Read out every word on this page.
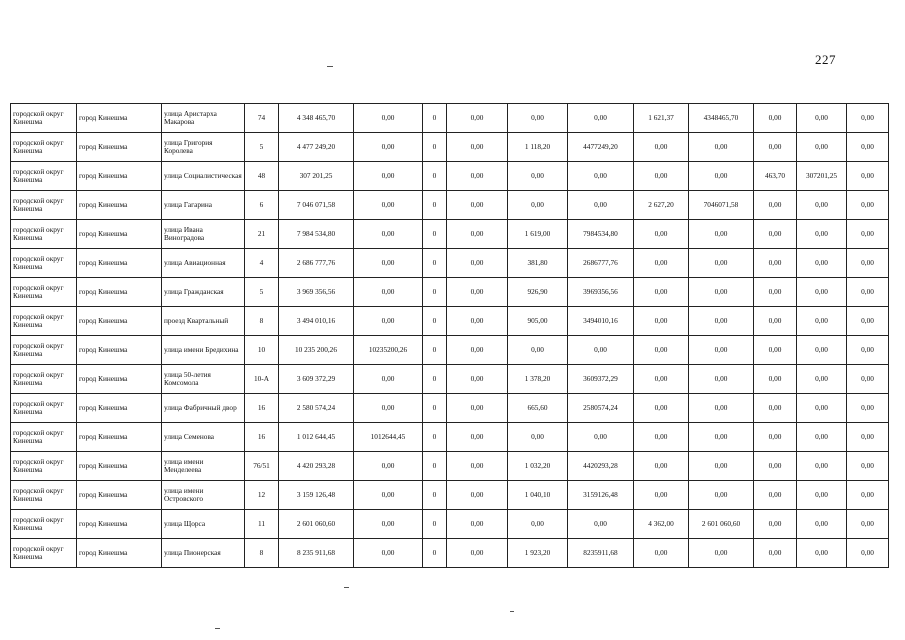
227
городской округ Кинешма	город Кинешма	улица Аристарха Макарова	74	4 348 465,70	0,00	0	0,00	0,00	0,00	1 621,37	4348465,70	0,00	0,00	0,00
городской округ Кинешма	город Кинешма	улица Григория Королева	5	4 477 249,20	0,00	0	0,00	1 118,20	4477249,20	0,00	0,00	0,00	0,00	0,00
городской округ Кинешма	город Кинешма	улица Социалистическая	48	307 201,25	0,00	0	0,00	0,00	0,00	0,00	0,00	463,70	307201,25	0,00
городской округ Кинешма	город Кинешма	улица Гагарина	6	7 046 071,58	0,00	0	0,00	0,00	0,00	2 627,20	7046071,58	0,00	0,00	0,00
городской округ Кинешма	город Кинешма	улица Ивана Виноградова	21	7 984 534,80	0,00	0	0,00	1 619,00	7984534,80	0,00	0,00	0,00	0,00	0,00
городской округ Кинешма	город Кинешма	улица Авиационная	4	2 686 777,76	0,00	0	0,00	381,80	2686777,76	0,00	0,00	0,00	0,00	0,00
городской округ Кинешма	город Кинешма	улица Гражданская	5	3 969 356,56	0,00	0	0,00	926,90	3969356,56	0,00	0,00	0,00	0,00	0,00
городской округ Кинешма	город Кинешма	проезд Квартальный	8	3 494 010,16	0,00	0	0,00	905,00	3494010,16	0,00	0,00	0,00	0,00	0,00
городской округ Кинешма	город Кинешма	улица имени Бредихина	10	10 235 200,26	10235200,26	0	0,00	0,00	0,00	0,00	0,00	0,00	0,00	0,00
городской округ Кинешма	город Кинешма	улица 50-летия Комсомола	10-А	3 609 372,29	0,00	0	0,00	1 378,20	3609372,29	0,00	0,00	0,00	0,00	0,00
городской округ Кинешма	город Кинешма	улица Фабричный двор	16	2 580 574,24	0,00	0	0,00	665,60	2580574,24	0,00	0,00	0,00	0,00	0,00
городской округ Кинешма	город Кинешма	улица Семенова	16	1 012 644,45	1012644,45	0	0,00	0,00	0,00	0,00	0,00	0,00	0,00	0,00
городской округ Кинешма	город Кинешма	улица имени Менделеева	76/51	4 420 293,28	0,00	0	0,00	1 032,20	4420293,28	0,00	0,00	0,00	0,00	0,00
городской округ Кинешма	город Кинешма	улица имени Островского	12	3 159 126,48	0,00	0	0,00	1 040,10	3159126,48	0,00	0,00	0,00	0,00	0,00
городской округ Кинешма	город Кинешма	улица Щорса	11	2 601 060,60	0,00	0	0,00	0,00	0,00	4 362,00	2 601 060,60	0,00	0,00	0,00
городской округ Кинешма	город Кинешма	улица Пионерская	8	8 235 911,68	0,00	0	0,00	1 923,20	8235911,68	0,00	0,00	0,00	0,00	0,00
